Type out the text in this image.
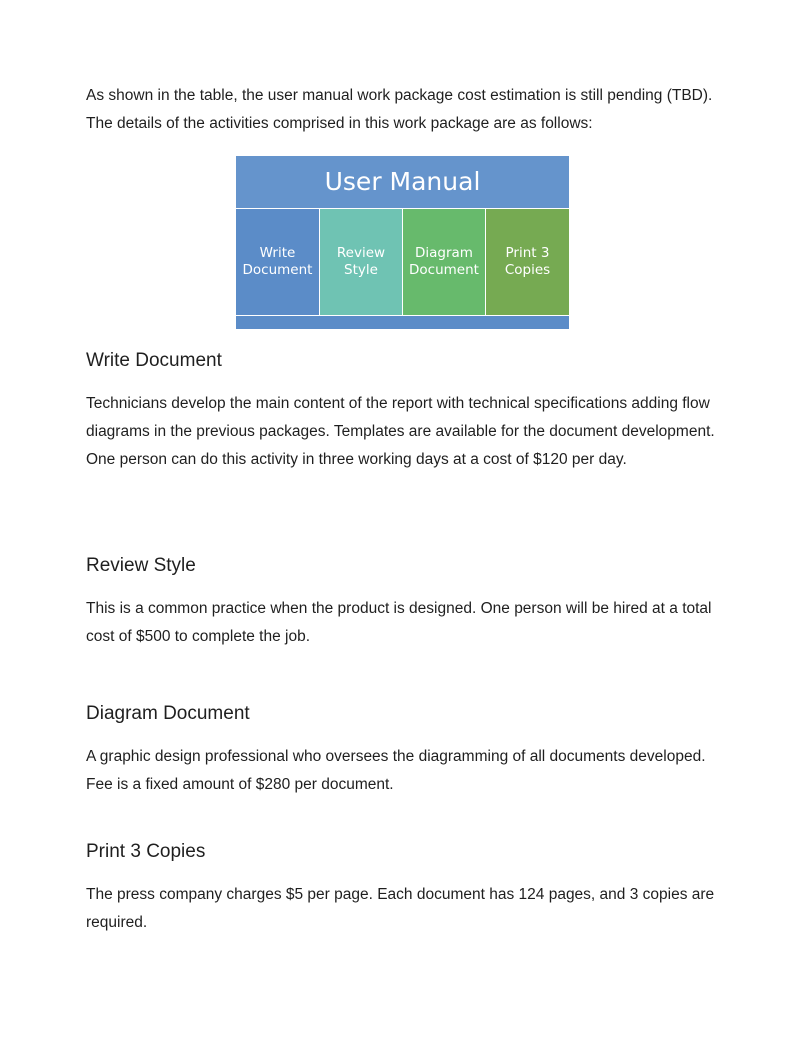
As shown in the table, the user manual work package cost estimation is still pending (TBD). The details of the activities comprised in this work package are as follows:

User Manual
Write
Document
Review
Style
Diagram
Document
Print 3
Copies
Write Document

Technicians develop the main content of the report with technical specifications adding flow diagrams in the previous packages. Templates are available for the document development. One person can do this activity in three working days at a cost of $120 per day.

Review Style

This is a common practice when the product is designed. One person will be hired at a total cost of $500 to complete the job.

Diagram Document

A graphic design professional who oversees the diagramming of all documents developed. Fee is a fixed amount of $280 per document.

Print 3 Copies

The press company charges $5 per page. Each document has 124 pages, and 3 copies are required.
